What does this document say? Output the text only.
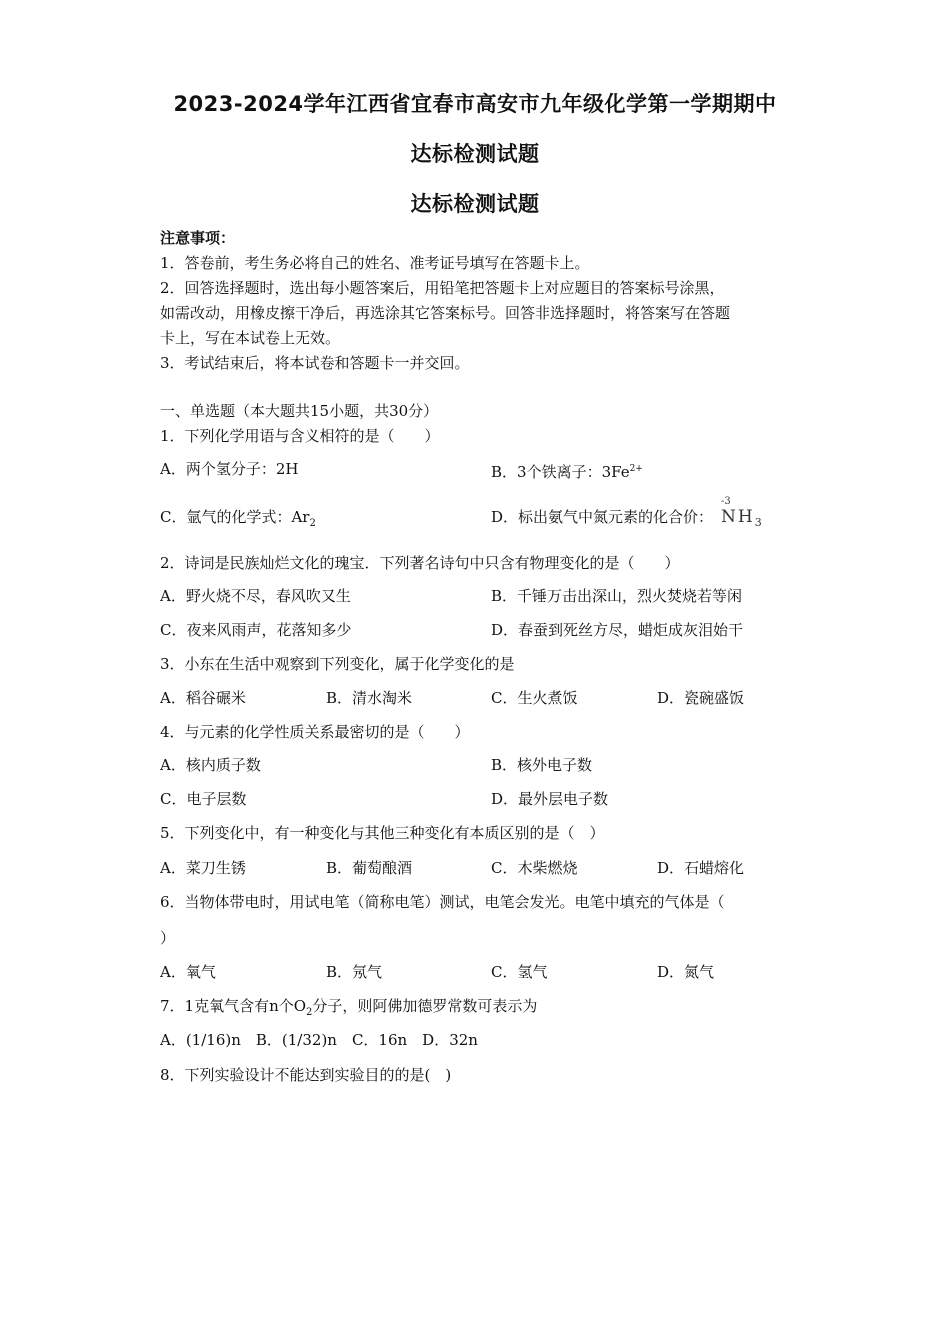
2023-2024学年江西省宜春市高安市九年级化学第一学期期中
达标检测试题
达标检测试题
注意事项：
1．答卷前，考生务必将自己的姓名、准考证号填写在答题卡上。
2．回答选择题时，选出每小题答案后，用铅笔把答题卡上对应题目的答案标号涂黑，
如需改动，用橡皮擦干净后，再选涂其它答案标号。回答非选择题时，将答案写在答题
卡上，写在本试卷上无效。
3．考试结束后，将本试卷和答题卡一并交回。
一、单选题（本大题共15小题，共30分）
1．下列化学用语与含义相符的是（　　）
A．两个氢分子：2H	B．3个铁离子：$3Fe^{2+}$
C．氩气的化学式：$Ar_2$	D．标出氨气中氮元素的化合价：
-3
$NH_3$
2．诗词是民族灿烂文化的瑰宝．下列著名诗句中只含有物理变化的是（　　）
A．野火烧不尽，春风吹又生	B．千锤万击出深山，烈火焚烧若等闲
C．夜来风雨声，花落知多少	D．春蚕到死丝方尽，蜡炬成灰泪始干
3．小东在生活中观察到下列变化，属于化学变化的是
A．稻谷碾米	B．清水淘米	C．生火煮饭	D．瓷碗盛饭
4．与元素的化学性质关系最密切的是（　　）
A．核内质子数	B．核外电子数
C．电子层数	D．最外层电子数
5．下列变化中，有一种变化与其他三种变化有本质区别的是（　）
A．菜刀生锈	B．葡萄酿酒	C．木柴燃烧	D．石蜡熔化
6．当物体带电时，用试电笔（简称电笔）测试，电笔会发光。电笔中填充的气体是（
）
A．氧气	B．氖气	C．氢气	D．氮气
7．1克氧气含有n个$O_2$分子，则阿佛加德罗常数可表示为
A．(1/16)n　B．(1/32)n　C．16n　D．32n
8．下列实验设计不能达到实验目的的是(　)
